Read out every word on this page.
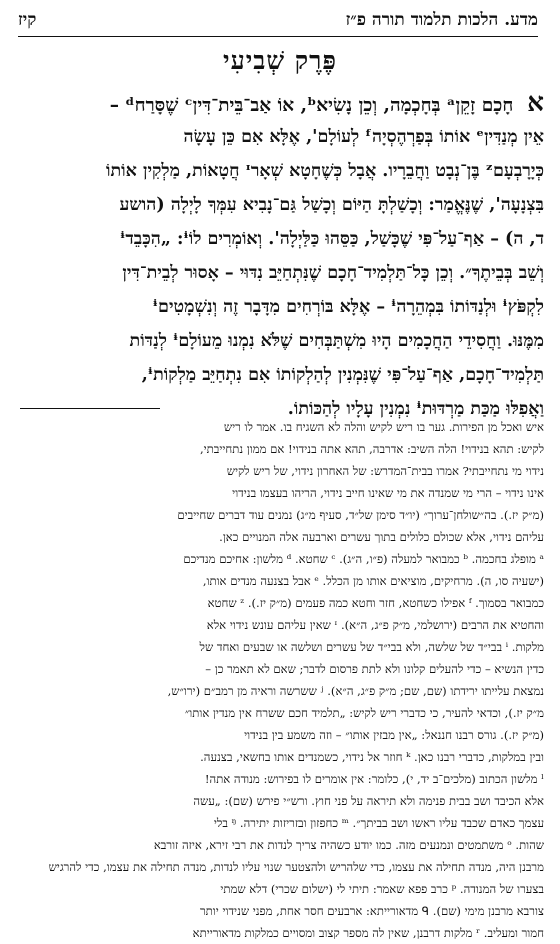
מדע. הלכות תלמוד תורה פ״ז
קיז
פֶּרֶק שְׁבִיעִי
אחָכָם זָקֵןᵃ בְּחָכְמָה, וְכֵן נָשִׂיאᵇ, אוֹ אַב־בֵּית־דִּיןᶜ שֶׁסָּרַחᵈ –
אֵין מְנַדִּיןᵉ אוֹתוֹ בְּפַרְהֶסְיָהᶠ לְעוֹלָם', אֶלָּא אִם כֵּן עָשָׂה
כְּיָרָבְעָםᶻ בֶּן־נְבָט וַחֲבֵרָיו. אֲבָל כְּשֶׁחָטָא שְׁאָרᶦ חֲטָאוֹת, מַלְקִין אוֹתוֹ
בִּצְנָעָה', שֶׁנֶּאֱמַר: וְכָשַׁלְתָּ הַיּוֹם וְכָשַׁל גַּם־נָבִיא עִמְּךָ לָיְלָה (הושע
ד, ה) – אַף־עַל־פִּי שֶׁכָּשַׁל, כַּסֵּהוּ כַּלַּיְלָה'. וְאוֹמְרִים לוֹᶤ: „הִכָּבֵדᶤ
וְשֵׁב בְּבֵיתֶךָ״. וְכֵן כָּל־תַּלְמִיד־חָכָם שֶׁנִּתְחַיֵּב נִדּוּי – אָסוּר לְבֵית־דִּין
לִקְפֹּץᶤ וּלְנַדּוֹתוֹ בִּמְהֵרָהᶤ – אֶלָּא בּוֹרְחִים מִדָּבָר זֶה וְנִשְׁמָטִיםᶤ
מִמֶּנּוּ. וַחֲסִידֵי הַחֲכָמִים הָיוּ מִשְׁתַּבְּחִים שֶׁלֹּא נִמְנוּ מֵעוֹלָםᶤ לְנַדּוֹת
תַּלְמִיד־חָכָם, אַף־עַל־פִּי שֶׁנִּמְנִין לְהַלְקוֹתוֹ אִם נִתְחַיֵּב מַלְקוֹתᶤ,
וַאֲפִלּוּ מַכַּת מַרְדּוּתᶤ נִמְנִין עָלָיו לְהַכּוֹתוֹ.
איש ואכל מן הפירות. גער בו ריש לקיש והלה לא השגיח בו. אמר לו ריש
לקיש: תהא בנידוי! הלה השיב: אדרבה, תהא אתה בנידוי! אם ממון נתחייבתי,
נידוי מי נתחייבתי? אמרו בבית־המדרש: של האחרון נידוי, של ריש לקיש
אינו נידוי – הרי מי שמנדה את מי שאינו חייב נידוי, הריהו בעצמו בנידוי
(מ״ק יז.). בה״שולחן־ערוך״ (יו״ד סימן של״ד, סעיף מ״ג) נמנים עוד דברים שחייבים
עליהם נידוי, אלא שכולם כלולים בתוך עשרים וארבעה אלה המנויים כאן.
ᵃ מופלג בחכמה. ᵇ כמבואר למעלה (פ״ו, ה״ג). ᶜ שחטא. ᵈ מלשון: אחיכם מנדיכם
(ישעיה סו, ה). מרחיקים, מוציאים אותו מן הכלל. ᵉ אבל בצנעה מנדים אותו,
כמבואר בסמוך. ᶠ אפילו כשחטא, חזר וחטא כמה פעמים (מ״ק יז.). ᶻ שחטא
והחטיא את הרבים (ירושלמי, מ״ק פ״ג, ה״א). ᶦ שאין עליהם עונש נידוי אלא
מלקות. ⁱ בבי״ד של שלשה, ולא בבי״ד של עשרים ושלשה או שבעים ואחד של
כדין הנשיא – כדי להעלים קלונו ולא לתת פרסום לדבר; שאם לא תאמר כן –
נמצאת עלייתו ירידתו (שם, שם; מ״ק פ״ג, ה״א). ʲ ששרשה וראיה מן רמב״ם (ירו״ש,
מ״ק יז.), וכדאי להעיר, כי כדברי ריש לקיש: „תלמיד חכם ששרח אין מנדין אותו״
(מ״ק יז.). גורס רבנו חננאל: „אין מבזין אותו״ – וזה משמע בין בנידוי
ובין במלקות, כדברי רבנו כאן. ᵏ חוזר אל נידוי, כשמנדים אותו בחשאי, בצנעה.
ˡ מלשון הכתוב (מלכים־ב יד, י), כלומר: אין אומרים לו בפירוש: מנודה אתה!
אלא הכיבד ושב בבית פנימה ולא תיראה על פני חוץ. ורש״י פירש (שם): „עשה
עצמך כאדם שכבד עליו ראשו ושב בביתך״. ᵐ כחפזון ובזריזות יתירה. ᵑ בלי
שהות. ᵒ משתמטים ונמנעים מזה. כמו יודע כשהיה צריך לנדות את רבי זירא, איזה זורבא
מרבנן היה, מנדה תחילה את עצמו, כדי שלהריש ולהצטער שנוי עליו לנדות, מנדה תחילה את עצמו, כדי להרגיש
בצערו של המנודה. ᵖ כרב פפא שאמר: תיתי לי (ישלום שכרי) דלא שמתי
צורבא מרבנן מימי (שם). ᑫ מדאורייתא: ארבעים חסר אחת, מפני שנידוי יותר
חמור ומעליב. ʳ מלקות דרבנן, שאין לה מספר קצוב ומסויים כמלקות מדאורייתא
